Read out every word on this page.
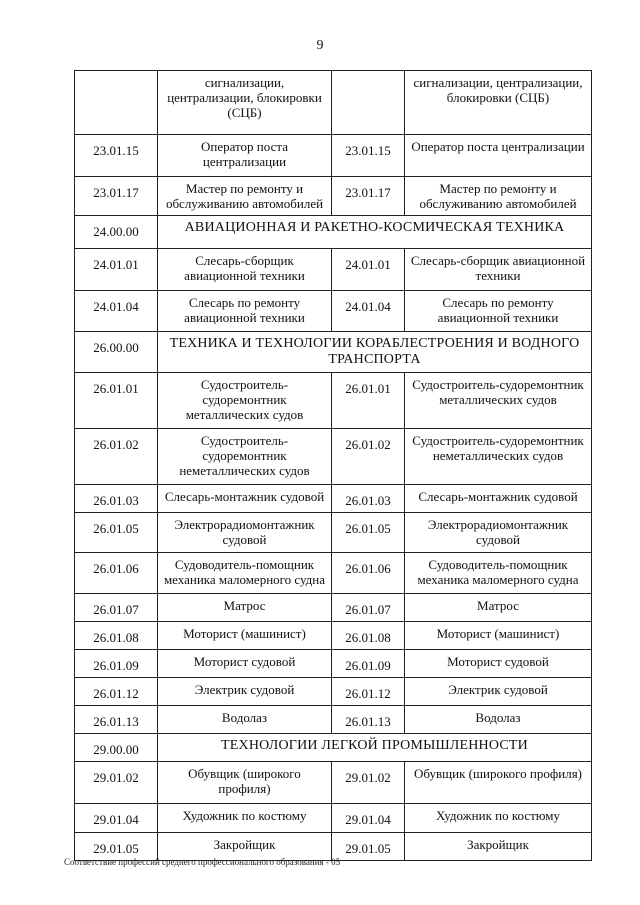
9
	сигнализации, централизации, блокировки (СЦБ)		сигнализации, централизации, блокировки (СЦБ)
23.01.15	Оператор поста централизации	23.01.15	Оператор поста централизации
23.01.17	Мастер по ремонту и обслуживанию автомобилей	23.01.17	Мастер по ремонту и обслуживанию автомобилей
24.00.00	АВИАЦИОННАЯ И РАКЕТНО-КОСМИЧЕСКАЯ ТЕХНИКА		
24.01.01	Слесарь-сборщик авиационной техники	24.01.01	Слесарь-сборщик авиационной техники
24.01.04	Слесарь по ремонту авиационной техники	24.01.04	Слесарь по ремонту авиационной техники
26.00.00	ТЕХНИКА И ТЕХНОЛОГИИ КОРАБЛЕСТРОЕНИЯ И ВОДНОГО ТРАНСПОРТА		
26.01.01	Судостроитель-судоремонтник металлических судов	26.01.01	Судостроитель-судоремонтник металлических судов
26.01.02	Судостроитель-судоремонтник неметаллических судов	26.01.02	Судостроитель-судоремонтник неметаллических судов
26.01.03	Слесарь-монтажник судовой	26.01.03	Слесарь-монтажник судовой
26.01.05	Электрорадиомонтажник судовой	26.01.05	Электрорадиомонтажник судовой
26.01.06	Судоводитель-помощник механика маломерного судна	26.01.06	Судоводитель-помощник механика маломерного судна
26.01.07	Матрос	26.01.07	Матрос
26.01.08	Моторист (машинист)	26.01.08	Моторист (машинист)
26.01.09	Моторист судовой	26.01.09	Моторист судовой
26.01.12	Электрик судовой	26.01.12	Электрик судовой
26.01.13	Водолаз	26.01.13	Водолаз
29.00.00	ТЕХНОЛОГИИ ЛЕГКОЙ ПРОМЫШЛЕННОСТИ		
29.01.02	Обувщик (широкого профиля)	29.01.02	Обувщик (широкого профиля)
29.01.04	Художник по костюму	29.01.04	Художник по костюму
29.01.05	Закройщик	29.01.05	Закройщик
Соответствие профессий среднего профессионального образования - 05
